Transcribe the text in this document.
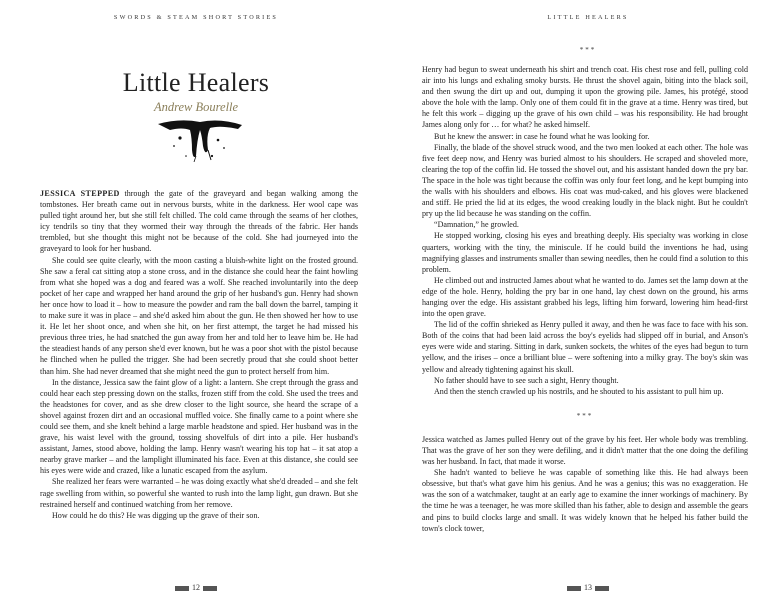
SWORDS & STEAM SHORT STORIES
Little Healers
Andrew Bourelle

JESSICA STEPPED through the gate of the graveyard and began walking among the tombstones. Her breath came out in nervous bursts, white in the darkness. Her wool cape was pulled tight around her, but she still felt chilled. The cold came through the seams of her clothes, icy tendrils so tiny that they wormed their way through the threads of the fabric. Her hands trembled, but she thought this might not be because of the cold. She had journeyed into the graveyard to look for her husband.

She could see quite clearly, with the moon casting a bluish-white light on the frosted ground. She saw a feral cat sitting atop a stone cross, and in the distance she could hear the faint howling from what she hoped was a dog and feared was a wolf. She reached involuntarily into the deep pocket of her cape and wrapped her hand around the grip of her husband's gun. Henry had shown her once how to load it – how to measure the powder and ram the ball down the barrel, tamping it to make sure it was in place – and she'd asked him about the gun. He then showed her how to use it. He let her shoot once, and when she hit, on her first attempt, the target he had missed his previous three tries, he had snatched the gun away from her and told her to leave him be. He had the steadiest hands of any person she'd ever known, but he was a poor shot with the pistol because he flinched when he pulled the trigger. She had been secretly proud that she could shoot better than him. She had never dreamed that she might need the gun to protect herself from him.

In the distance, Jessica saw the faint glow of a light: a lantern. She crept through the grass and could hear each step pressing down on the stalks, frozen stiff from the cold. She used the trees and the headstones for cover, and as she drew closer to the light source, she heard the scrape of a shovel against frozen dirt and an occasional muffled voice. She finally came to a point where she could see them, and she knelt behind a large marble headstone and spied. Her husband was in the grave, his waist level with the ground, tossing shovelfuls of dirt into a pile. Her husband's assistant, James, stood above, holding the lamp. Henry wasn't wearing his top hat – it sat atop a nearby grave marker – and the lamplight illuminated his face. Even at this distance, she could see his eyes were wide and crazed, like a lunatic escaped from the asylum.

She realized her fears were warranted – he was doing exactly what she'd dreaded – and she felt rage swelling from within, so powerful she wanted to rush into the lamp light, gun drawn. But she restrained herself and continued watching from her remove.

How could he do this? He was digging up the grave of their son.

12
LITTLE HEALERS
***

Henry had begun to sweat underneath his shirt and trench coat. His chest rose and fell, pulling cold air into his lungs and exhaling smoky bursts. He thrust the shovel again, biting into the black soil, and then swung the dirt up and out, dumping it upon the growing pile. James, his protégé, stood above the hole with the lamp. Only one of them could fit in the grave at a time. Henry was tired, but he felt this work – digging up the grave of his own child – was his responsibility. He had brought James along only for … for what? he asked himself.

But he knew the answer: in case he found what he was looking for.

Finally, the blade of the shovel struck wood, and the two men looked at each other. The hole was five feet deep now, and Henry was buried almost to his shoulders. He scraped and shoveled more, clearing the top of the coffin lid. He tossed the shovel out, and his assistant handed down the pry bar. The space in the hole was tight because the coffin was only four feet long, and he kept bumping into the walls with his shoulders and elbows. His coat was mud-caked, and his gloves were blackened and stiff. He pried the lid at its edges, the wood creaking loudly in the black night. But he couldn't pry up the lid because he was standing on the coffin.

“Damnation,” he growled.

He stopped working, closing his eyes and breathing deeply. His specialty was working in close quarters, working with the tiny, the miniscule. If he could build the inventions he had, using magnifying glasses and instruments smaller than sewing needles, then he could find a solution to this problem.

He climbed out and instructed James about what he wanted to do. James set the lamp down at the edge of the hole. Henry, holding the pry bar in one hand, lay chest down on the ground, his arms hanging over the edge. His assistant grabbed his legs, lifting him forward, lowering him head-first into the open grave.

The lid of the coffin shrieked as Henry pulled it away, and then he was face to face with his son. Both of the coins that had been laid across the boy's eyelids had slipped off in burial, and Anson's eyes were wide and staring. Sitting in dark, sunken sockets, the whites of the eyes had begun to turn yellow, and the irises – once a brilliant blue – were softening into a milky gray. The boy's skin was yellow and already tightening against his skull.

No father should have to see such a sight, Henry thought.

And then the stench crawled up his nostrils, and he shouted to his assistant to pull him up.

***

Jessica watched as James pulled Henry out of the grave by his feet. Her whole body was trembling. That was the grave of her son they were defiling, and it didn't matter that the one doing the defiling was her husband. In fact, that made it worse.

She hadn't wanted to believe he was capable of something like this. He had always been obsessive, but that's what gave him his genius. And he was a genius; this was no exaggeration. He was the son of a watchmaker, taught at an early age to examine the inner workings of machinery. By the time he was a teenager, he was more skilled than his father, able to design and assemble the gears and pins to build clocks large and small. It was widely known that he helped his father build the town's clock tower,

13
